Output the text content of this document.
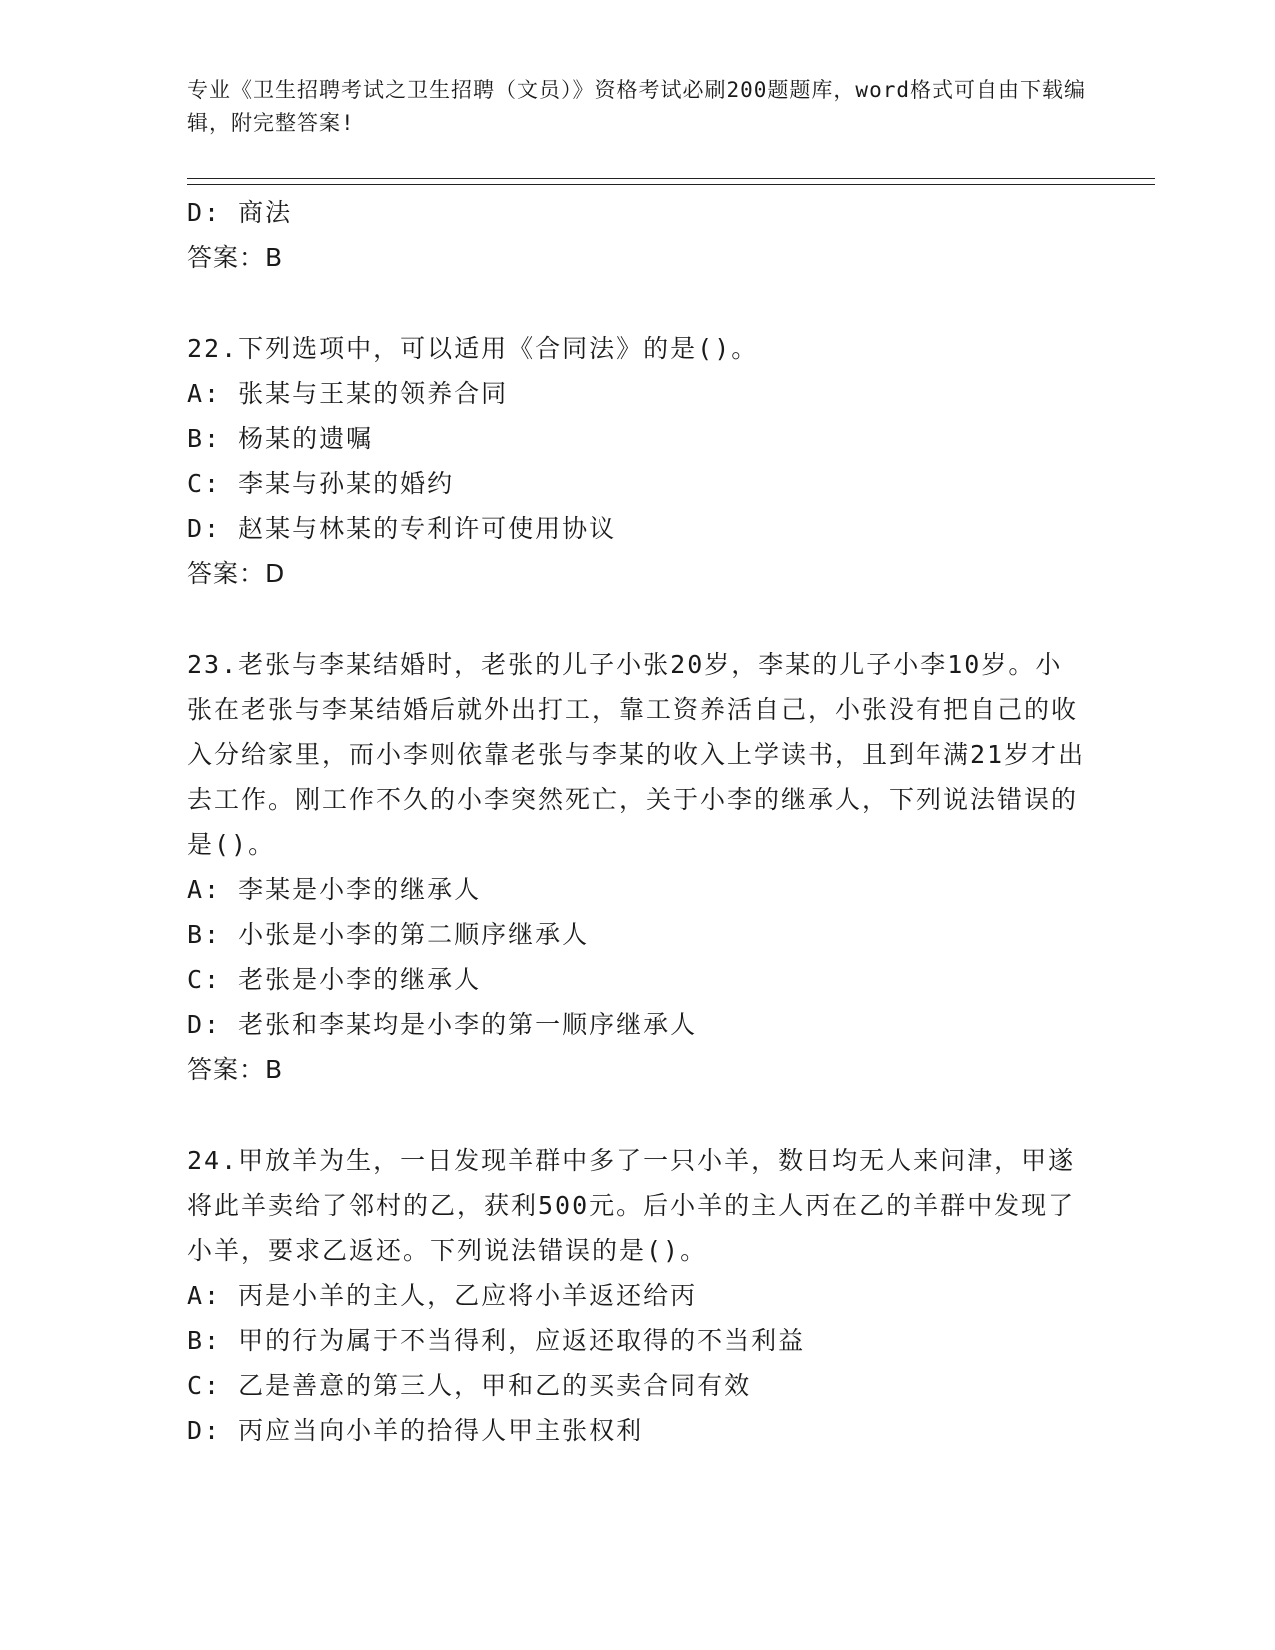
专业《卫生招聘考试之卫生招聘（文员）》资格考试必刷200题题库，word格式可自由下载编辑，附完整答案!
D: 商法
答案：B
22.下列选项中，可以适用《合同法》的是()。
A: 张某与王某的领养合同
B: 杨某的遗嘱
C: 李某与孙某的婚约
D: 赵某与林某的专利许可使用协议
答案：D
23.老张与李某结婚时，老张的儿子小张20岁，李某的儿子小李10岁。小张在老张与李某结婚后就外出打工，靠工资养活自己，小张没有把自己的收入分给家里，而小李则依靠老张与李某的收入上学读书，且到年满21岁才出去工作。刚工作不久的小李突然死亡，关于小李的继承人，下列说法错误的是()。
A: 李某是小李的继承人
B: 小张是小李的第二顺序继承人
C: 老张是小李的继承人
D: 老张和李某均是小李的第一顺序继承人
答案：B
24.甲放羊为生，一日发现羊群中多了一只小羊，数日均无人来问津，甲遂将此羊卖给了邻村的乙，获利500元。后小羊的主人丙在乙的羊群中发现了小羊，要求乙返还。下列说法错误的是()。
A: 丙是小羊的主人，乙应将小羊返还给丙
B: 甲的行为属于不当得利，应返还取得的不当利益
C: 乙是善意的第三人，甲和乙的买卖合同有效
D: 丙应当向小羊的拾得人甲主张权利
